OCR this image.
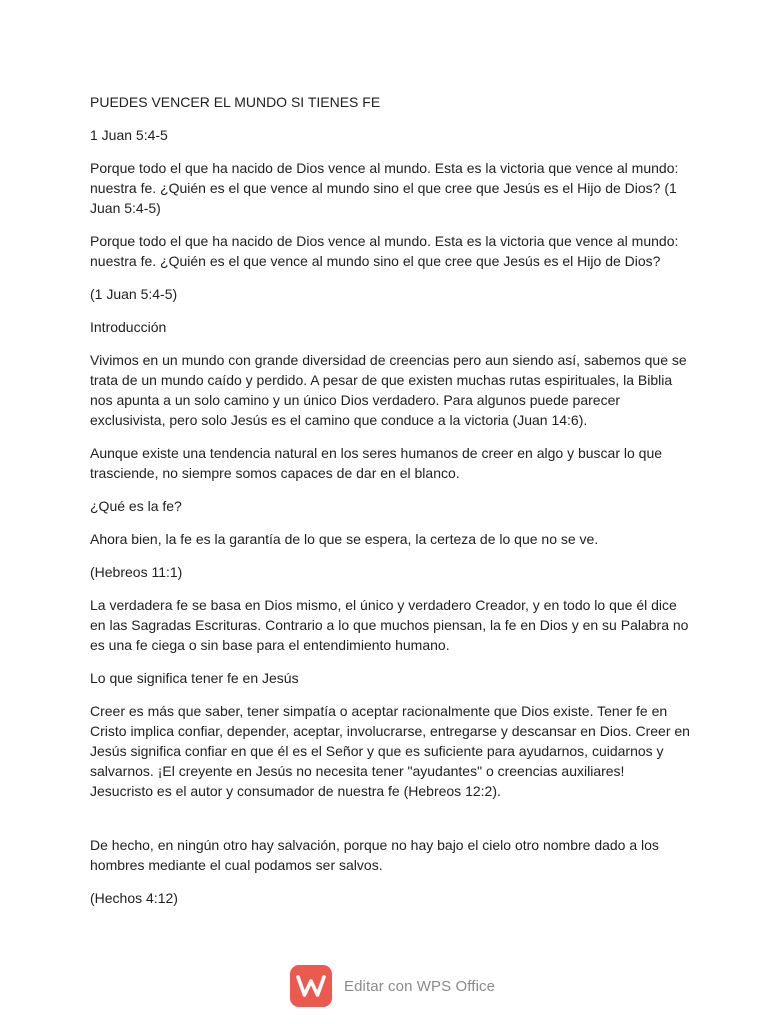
PUEDES VENCER EL MUNDO SI TIENES FE

1 Juan 5:4-5

Porque todo el que ha nacido de Dios vence al mundo. Esta es la victoria que vence al mundo: nuestra fe. ¿Quién es el que vence al mundo sino el que cree que Jesús es el Hijo de Dios? (1 Juan 5:4-5)

Porque todo el que ha nacido de Dios vence al mundo. Esta es la victoria que vence al mundo: nuestra fe. ¿Quién es el que vence al mundo sino el que cree que Jesús es el Hijo de Dios?

(1 Juan 5:4-5)

Introducción

Vivimos en un mundo con grande diversidad de creencias pero aun siendo así, sabemos que se trata de un mundo caído y perdido. A pesar de que existen muchas rutas espirituales, la Biblia nos apunta a un solo camino y un único Dios verdadero. Para algunos puede parecer exclusivista, pero solo Jesús es el camino que conduce a la victoria (Juan 14:6).

Aunque existe una tendencia natural en los seres humanos de creer en algo y buscar lo que trasciende, no siempre somos capaces de dar en el blanco.

¿Qué es la fe?

Ahora bien, la fe es la garantía de lo que se espera, la certeza de lo que no se ve.

(Hebreos 11:1)

La verdadera fe se basa en Dios mismo, el único y verdadero Creador, y en todo lo que él dice en las Sagradas Escrituras. Contrario a lo que muchos piensan, la fe en Dios y en su Palabra no es una fe ciega o sin base para el entendimiento humano.

Lo que significa tener fe en Jesús

Creer es más que saber, tener simpatía o aceptar racionalmente que Dios existe. Tener fe en Cristo implica confiar, depender, aceptar, involucrarse, entregarse y descansar en Dios. Creer en Jesús significa confiar en que él es el Señor y que es suficiente para ayudarnos, cuidarnos y salvarnos. ¡El creyente en Jesús no necesita tener "ayudantes" o creencias auxiliares! Jesucristo es el autor y consumador de nuestra fe (Hebreos 12:2).

De hecho, en ningún otro hay salvación, porque no hay bajo el cielo otro nombre dado a los hombres mediante el cual podamos ser salvos.

(Hechos 4:12)

Editar con WPS Office
